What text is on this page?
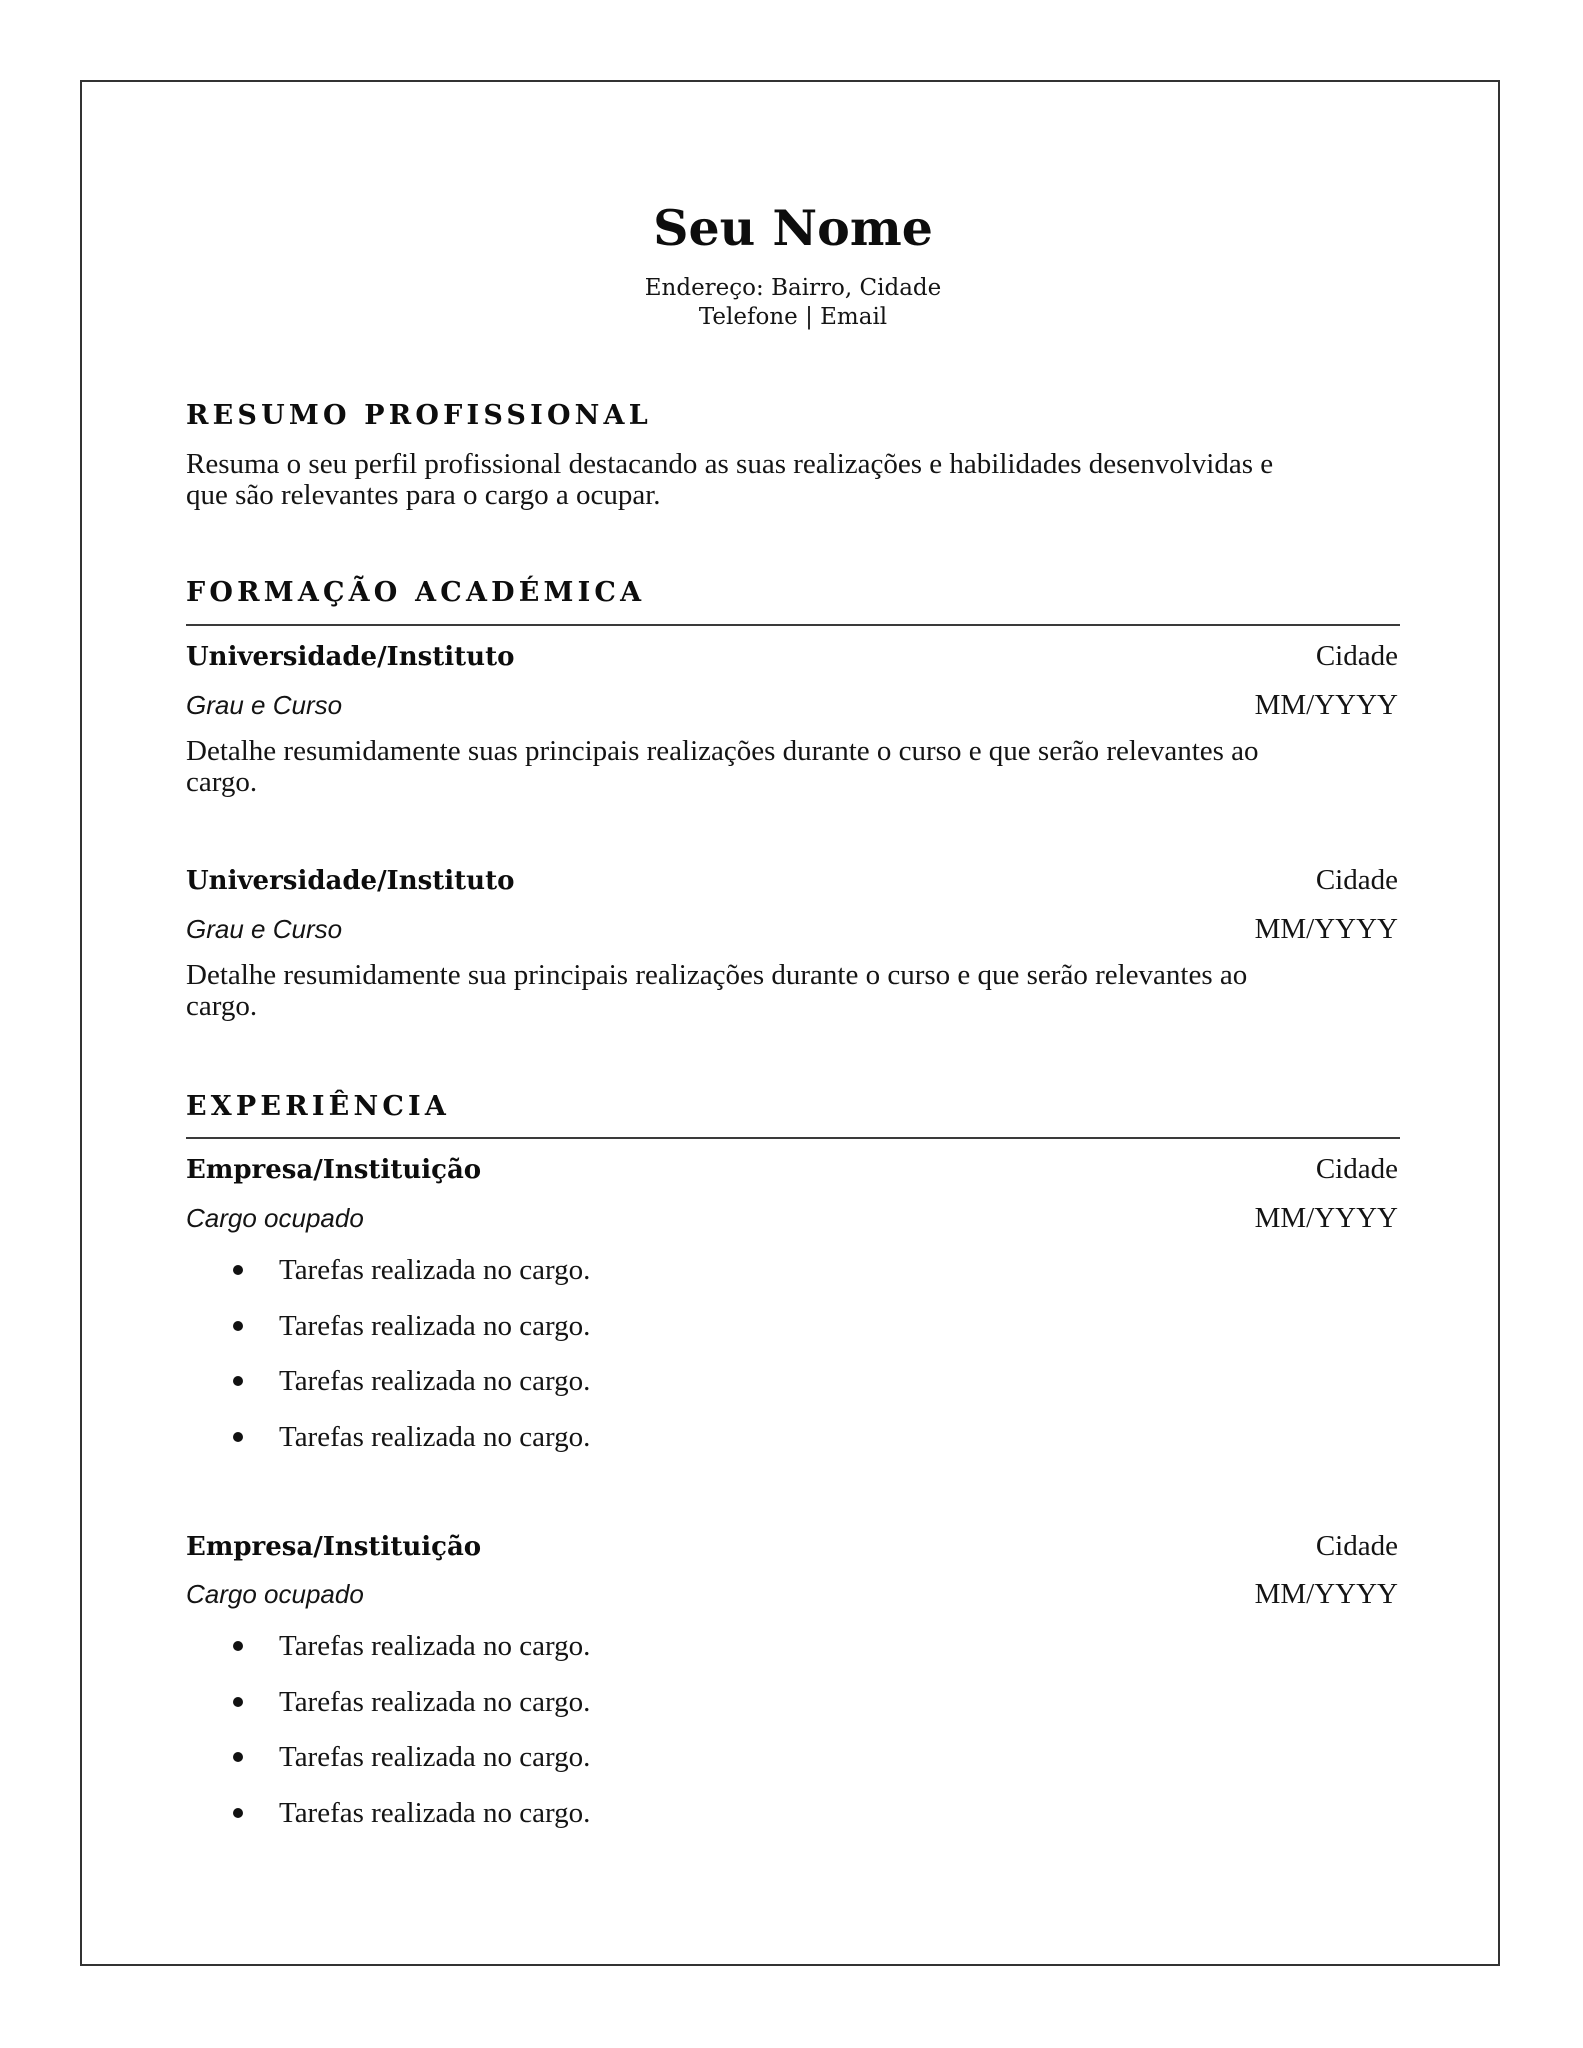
Seu Nome
Endereço: Bairro, Cidade
Telefone | Email
RESUMO PROFISSIONAL

Resuma o seu perfil profissional destacando as suas realizações e habilidades desenvolvidas e

que são relevantes para o cargo a ocupar.

FORMAÇÃO ACADÉMICA
Universidade/Instituto	Cidade
Grau e Curso	MM/YYYY

Detalhe resumidamente suas principais realizações durante o curso e que serão relevantes ao

cargo.

Universidade/Instituto	Cidade
Grau e Curso	MM/YYYY

Detalhe resumidamente sua principais realizações durante o curso e que serão relevantes ao

cargo.

EXPERIÊNCIA
Empresa/Instituição	Cidade
Cargo ocupado	MM/YYYY
Tarefas realizada no cargo.
Tarefas realizada no cargo.
Tarefas realizada no cargo.
Tarefas realizada no cargo.
Empresa/Instituição	Cidade
Cargo ocupado	MM/YYYY
Tarefas realizada no cargo.
Tarefas realizada no cargo.
Tarefas realizada no cargo.
Tarefas realizada no cargo.
